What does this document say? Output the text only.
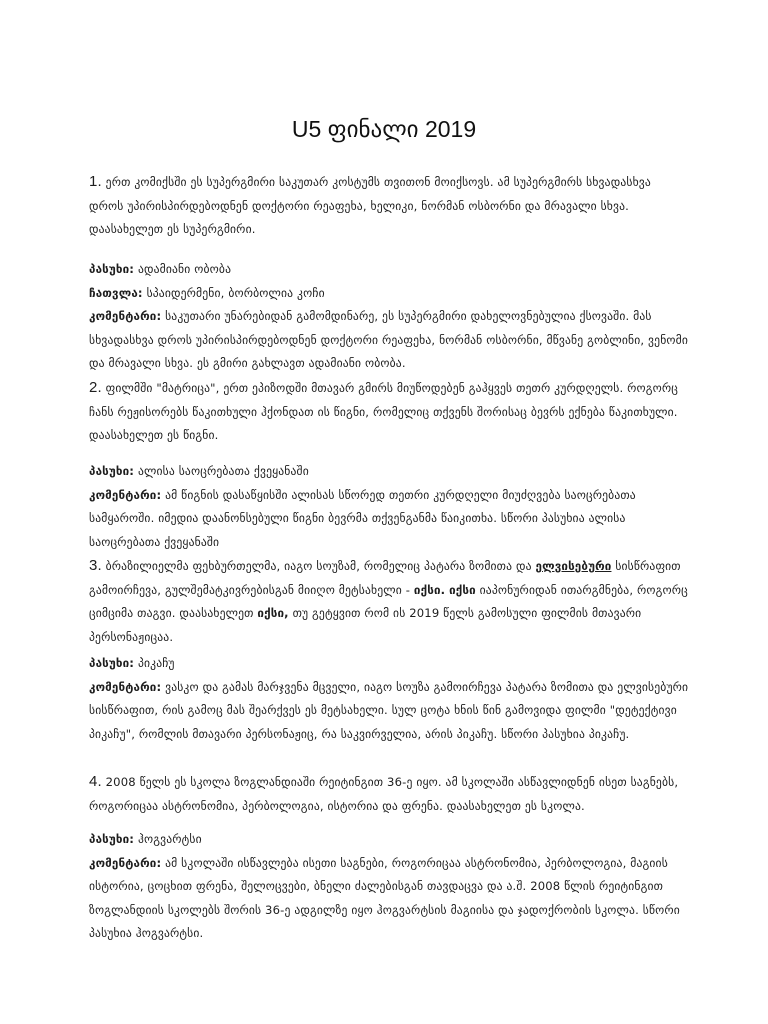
U5 ფინალი 2019
1. ერთ კომიქსში ეს სუპერგმირი საკუთარ კოსტუმს თვითონ მოიქსოვს. ამ სუპერგმირს სხვადასხვა დროს უპირისპირდებოდნენ დოქტორი რეაფეხა, ხელიკი, ნორმან ოსბორნი და მრავალი სხვა. დაასახელეთ ეს სუპერგმირი.
პასუხი: ადამიანი ობობა
ჩათვლა: სპაიდერმენი, ბორბოლია კოჩი
კომენტარი: საკუთარი უნარებიდან გამომდინარე, ეს სუპერგმირი დახელოვნებულია ქსოვაში. მას სხვადასხვა დროს უპირისპირდებოდნენ დოქტორი რეაფეხა, ნორმან ოსბორნი, მწვანე გობლინი, ვენომი და მრავალი სხვა. ეს გმირი გახლავთ ადამიანი ობობა.
2. ფილმში "მატრიცა", ერთ ეპიზოდში მთავარ გმირს მიუწოდებენ გაჰყვეს თეთრ კურდღელს. როგორც ჩანს რეჟისორებს წაკითხული ჰქონდათ ის წიგნი, რომელიც თქვენს შორისაც ბევრს ექნება წაკითხული. დაასახელეთ ეს წიგნი.
პასუხი: ალისა საოცრებათა ქვეყანაში
კომენტარი: ამ წიგნის დასაწყისში ალისას სწორედ თეთრი კურდღელი მიუძღვება საოცრებათა სამყაროში. იმედია დაანონსებული წიგნი ბევრმა თქვენგანმა წაიკითხა. სწორი პასუხია ალისა საოცრებათა ქვეყანაში
3. ბრაზილიელმა ფეხბურთელმა, იაგო სოუზამ, რომელიც პატარა ზომითა და ელვისებური სისწრაფით გამოირჩევა, გულშემატკივრებისგან მიიღო მეტსახელი - იქსი. იქსი იაპონურიდან ითარგმნება, როგორც ციმციმა თაგვი. დაასახელეთ იქსი, თუ გეტყვით რომ ის 2019 წელს გამოსული ფილმის მთავარი პერსონაჟიცაა.
პასუხი: პიკაჩუ
კომენტარი: ვასკო და გამას მარჯვენა მცველი, იაგო სოუზა გამოირჩევა პატარა ზომითა და ელვისებური სისწრაფით, რის გამოც მას შეარქვეს ეს მეტსახელი. სულ ცოტა ხნის წინ გამოვიდა ფილმი "დეტექტივი პიკაჩუ", რომლის მთავარი პერსონაჟიც, რა საკვირველია, არის პიკაჩუ. სწორი პასუხია პიკაჩუ.
4. 2008 წელს ეს სკოლა ზოგლანდიაში რეიტინგით 36-ე იყო. ამ სკოლაში ასწავლიდნენ ისეთ საგნებს, როგორიცაა ასტრონომია, პერბოლოგია, ისტორია და ფრენა. დაასახელეთ ეს სკოლა.
პასუხი: ჰოგვარტსი
კომენტარი: ამ სკოლაში ისწავლება ისეთი საგნები, როგორიცაა ასტრონომია, პერბოლოგია, მაგიის ისტორია, ცოცხით ფრენა, შელოცვები, ბნელი ძალებისგან თავდაცვა და ა.შ. 2008 წლის რეიტინგით ზოგლანდიის სკოლებს შორის 36-ე ადგილზე იყო ჰოგვარტსის მაგიისა და ჯადოქრობის სკოლა. სწორი პასუხია ჰოგვარტსი.
